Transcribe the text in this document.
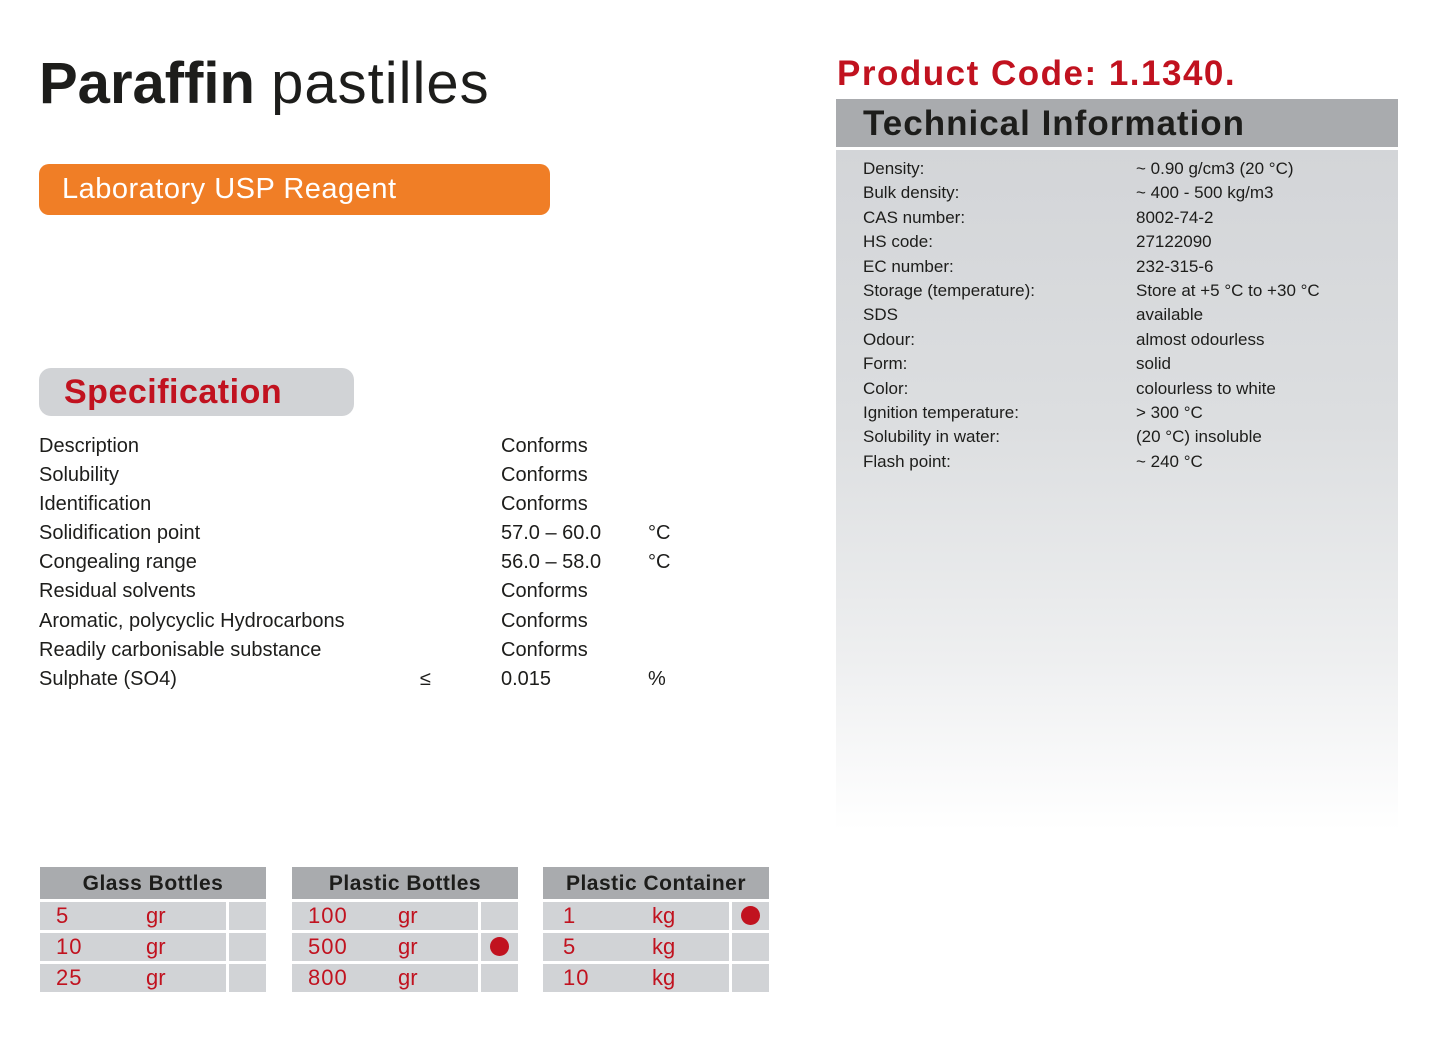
Paraffin pastilles
Laboratory USP Reagent
Specification
Description	Conforms
Solubility	Conforms
Identification	Conforms
Solidification point	57.0 – 60.0 °C
Congealing range	56.0 – 58.0 °C
Residual solvents	Conforms
Aromatic, polycyclic Hydrocarbons	Conforms
Readily carbonisable substance	Conforms
Sulphate (SO4)	≤	0.015	%
Product Code: 1.1340.
Technical Information
Density:	~ 0.90 g/cm3 (20 °C)
Bulk density:	~ 400 - 500 kg/m3
CAS number:	8002-74-2
HS code:	27122090
EC number:	232-315-6
Storage (temperature):	Store at +5 °C to +30 °C
SDS	available
Odour:	almost odourless
Form:	solid
Color:	colourless to white
Ignition temperature:	> 300 °C
Solubility in water:	(20 °C) insoluble
Flash point:	~ 240 °C
Glass Bottles
5	gr
10	gr
25	gr
Plastic Bottles
100 gr
500 gr
800 gr
Plastic Container
1	kg
5	kg
10	kg
